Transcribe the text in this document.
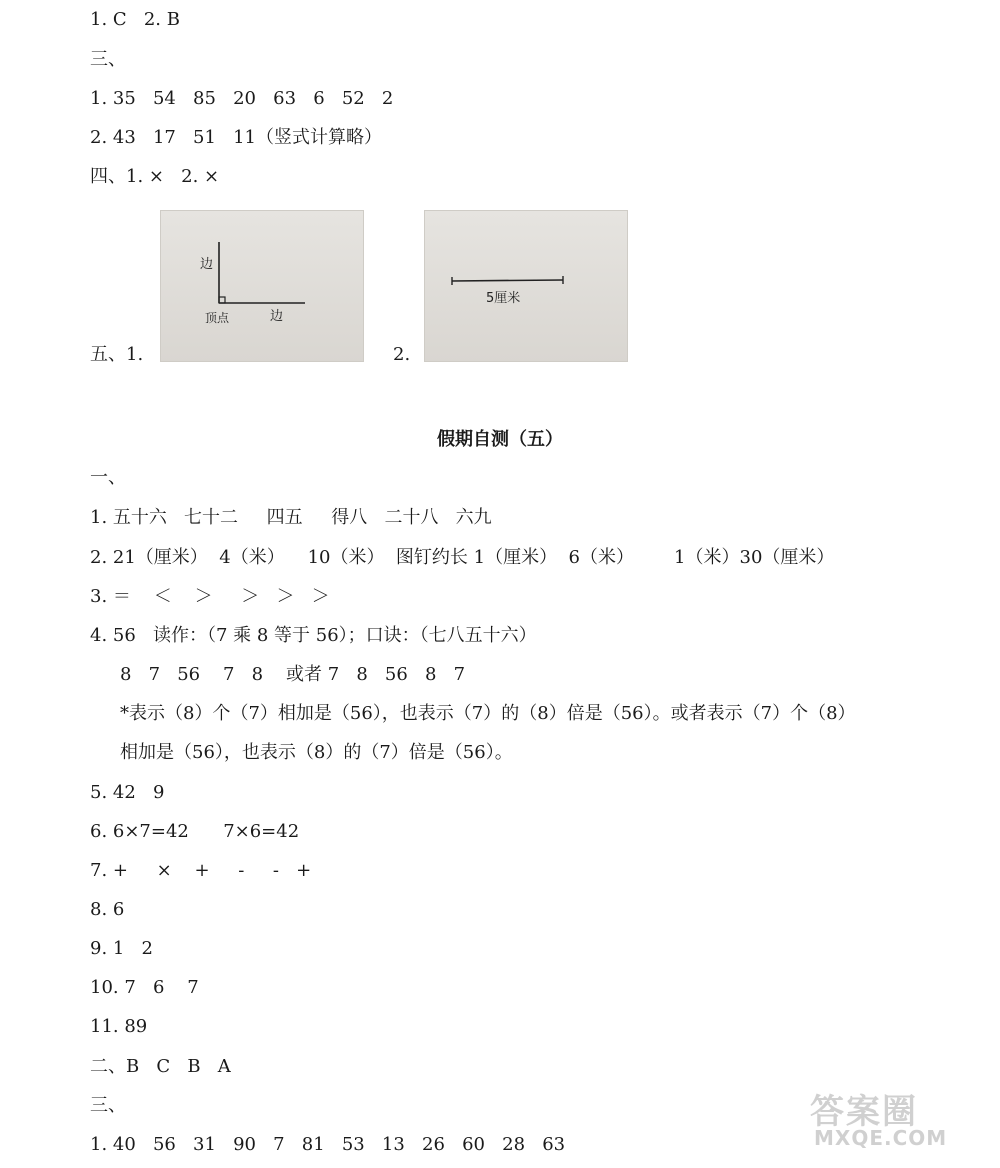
1. C   2. B
三、
1. 35   54   85   20   63   6   52   2
2. 43   17   51   11（竖式计算略）
四、1. ×   2. ×
五、1.
边
顶点	边
2.
5厘米
假期自测（五）
一、
1. 五十六   七十二     四五     得八   二十八   六九
2. 21（厘米）  4（米）    10（米）  图钉约长 1（厘米）  6（米）       1（米）30（厘米）
3. ＝    ＜    ＞     ＞   ＞   ＞
4. 56   读作：（7 乘 8 等于 56）；口诀：（七八五十六）
8   7   56    7   8    或者 7   8   56   8   7
*表示（8）个（7）相加是（56），也表示（7）的（8）倍是（56）。或者表示（7）个（8）
相加是（56），也表示（8）的（7）倍是（56）。
5. 42   9
6. 6×7=42      7×6=42
7. +     ×    +     -     -   +
8. 6
9. 1   2
10. 7   6    7
11. 89
二、B   C   B   A
三、
1. 40   56   31   90   7   81   53   13   26   60   28   63
答案圈
MXQE.COM
